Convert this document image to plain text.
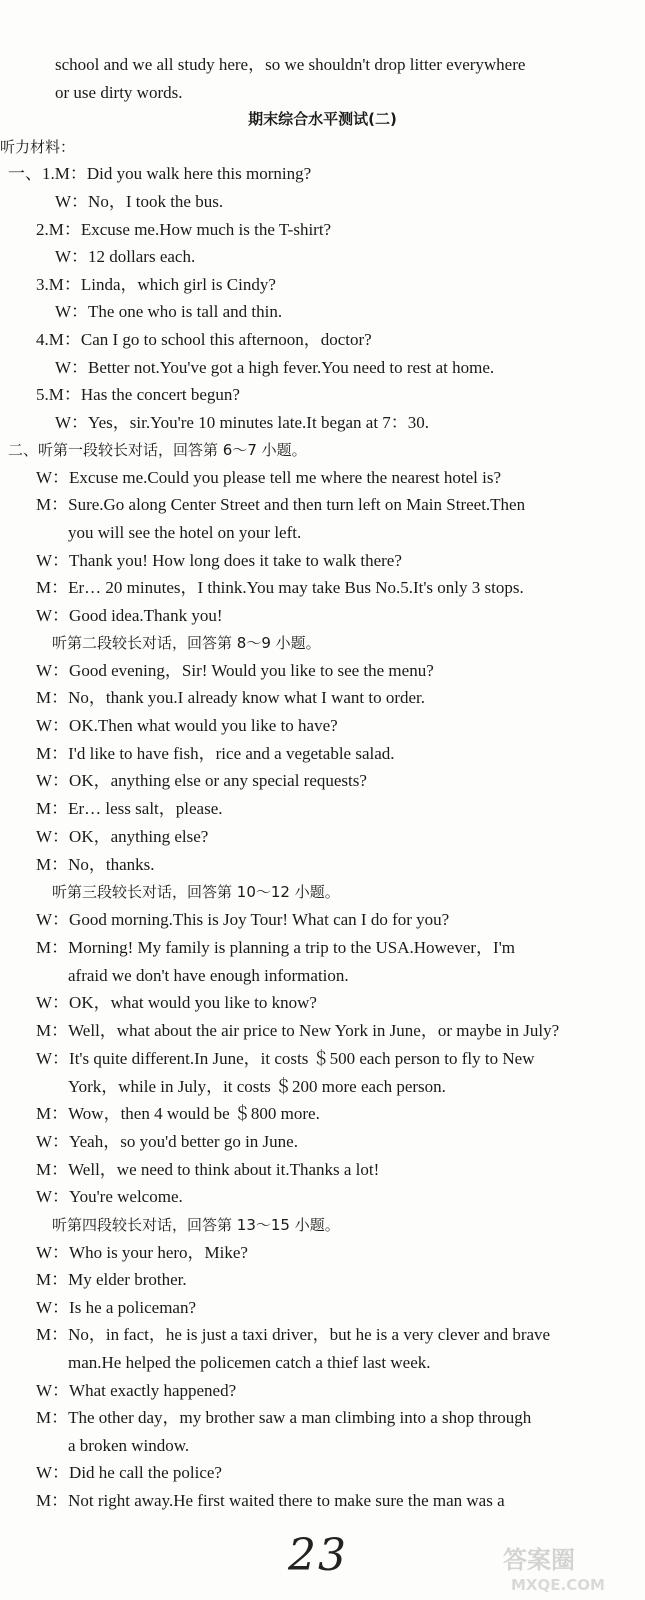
school and we all study here，so we shouldn't drop litter everywhere
or use dirty words.
期末综合水平测试(二)
听力材料：
一、1.M：Did you walk here this morning?
W：No，I took the bus.
2.M：Excuse me.How much is the T-shirt?
W：12 dollars each.
3.M：Linda，which girl is Cindy?
W：The one who is tall and thin.
4.M：Can I go to school this afternoon，doctor?
W：Better not.You've got a high fever.You need to rest at home.
5.M：Has the concert begun?
W：Yes，sir.You're 10 minutes late.It began at 7：30.
二、听第一段较长对话，回答第 6～7 小题。
W：Excuse me.Could you please tell me where the nearest hotel is?
M：Sure.Go along Center Street and then turn left on Main Street.Then
you will see the hotel on your left.
W：Thank you! How long does it take to walk there?
M：Er… 20 minutes，I think.You may take Bus No.5.It's only 3 stops.
W：Good idea.Thank you!
听第二段较长对话，回答第 8～9 小题。
W：Good evening，Sir! Would you like to see the menu?
M：No，thank you.I already know what I want to order.
W：OK.Then what would you like to have?
M：I'd like to have fish，rice and a vegetable salad.
W：OK，anything else or any special requests?
M：Er… less salt，please.
W：OK，anything else?
M：No，thanks.
听第三段较长对话，回答第 10～12 小题。
W：Good morning.This is Joy Tour! What can I do for you?
M：Morning! My family is planning a trip to the USA.However，I'm
afraid we don't have enough information.
W：OK，what would you like to know?
M：Well，what about the air price to New York in June，or maybe in July?
W：It's quite different.In June，it costs ＄500 each person to fly to New
York，while in July，it costs ＄200 more each person.
M：Wow，then 4 would be ＄800 more.
W：Yeah，so you'd better go in June.
M：Well，we need to think about it.Thanks a lot!
W：You're welcome.
听第四段较长对话，回答第 13～15 小题。
W：Who is your hero，Mike?
M：My elder brother.
W：Is he a policeman?
M：No，in fact，he is just a taxi driver，but he is a very clever and brave
man.He helped the policemen catch a thief last week.
W：What exactly happened?
M：The other day，my brother saw a man climbing into a shop through
a broken window.
W：Did he call the police?
M：Not right away.He first waited there to make sure the man was a
23	答案圈
MXQE.COM
